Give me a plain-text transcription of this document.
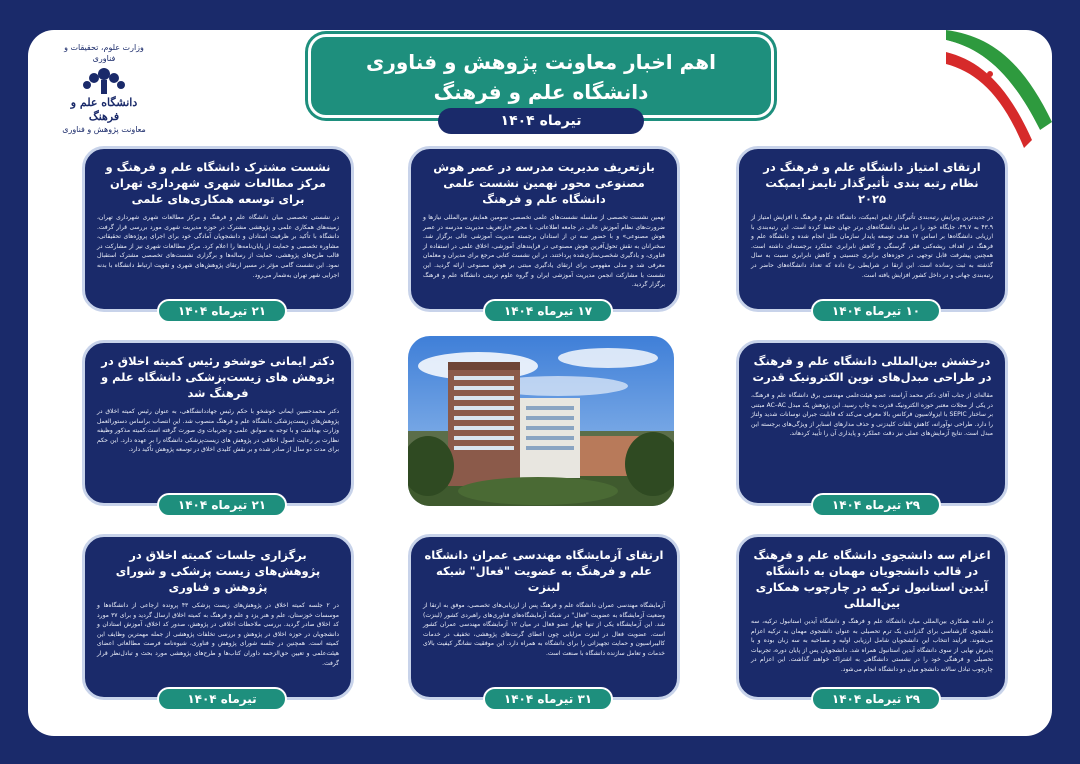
وزارت علوم، تحقیقات و فناوری
دانشگاه علم و فرهنگ
معاونت پژوهش و فناوری
اهم اخبار معاونت پژوهش و فناوری
دانشگاه علم و فرهنگ
تیرماه ۱۴۰۴
ارتقای امتیاز دانشگاه علم و فرهنگ در نظام رتبه بندی تأثیرگذار تایمز ایمپکت ۲۰۲۵
در جدیدترین ویرایش رتبه‌بندی تأثیرگذار تایمز ایمپکت، دانشگاه علم و فرهنگ با افزایش امتیاز از ۴۳.۹ به ۴۹.۷، جایگاه خود را در میان دانشگاه‌های برتر جهان حفظ کرده است. این رتبه‌بندی با ارزیابی دانشگاه‌ها بر اساس ۱۷ هدف توسعه پایدار سازمان ملل انجام شده و دانشگاه علم و فرهنگ در اهداف ریشه‌کنی فقر، گرسنگی و کاهش نابرابری عملکرد برجسته‌ای داشته است. همچنین پیشرفت قابل توجهی در حوزه‌های برابری جنسیتی و کاهش نابرابری نسبت به سال گذشته به ثبت رسانده است. این ارتقا در شرایطی رخ داده که تعداد دانشگاه‌های حاضر در رتبه‌بندی جهانی و در داخل کشور افزایش یافته است.
۱۰ تیرماه ۱۴۰۴
بازتعریف مدیریت مدرسه در عصر هوش مصنوعی محور نهمین نشست علمی دانشگاه علم و فرهنگ
نهمین نشست تخصصی از سلسله نشست‌های علمی تخصصی سومین همایش بین‌المللی نیازها و ضرورت‌های نظام آموزش عالی در جامعه اطلاعاتی، با محور «بازتعریف مدیریت مدرسه در عصر هوش مصنوعی» و با حضور سه تن از استادان برجسته مدیریت آموزشی عالی برگزار شد. سخنرانان به نقش تحول‌آفرین هوش مصنوعی در فرایندهای آموزشی، اخلاق علمی در استفاده از فناوری، و یادگیری شخصی‌سازی‌شده پرداختند. در این نشست کتابی مرجع برای مدیران و معلمان معرفی شد و مدلی مفهومی برای ارتقای یادگیری مبتنی بر هوش مصنوعی ارائه گردید. این نشست با مشارکت انجمن مدیریت آموزشی ایران و گروه علوم تربیتی دانشگاه علم و فرهنگ برگزار گردید.
۱۷ تیرماه ۱۴۰۴
نشست مشترک دانشگاه علم و فرهنگ و مرکز مطالعات شهری شهرداری تهران برای توسعه همکاری‌های علمی
در نشستی تخصصی میان دانشگاه علم و فرهنگ و مرکز مطالعات شهری شهرداری تهران، زمینه‌های همکاری علمی و پژوهشی مشترک در حوزه مدیریت شهری مورد بررسی قرار گرفت. دانشگاه با تأکید بر ظرفیت استادان و دانشجویان آمادگی خود برای اجرای پروژه‌های تحقیقاتی، مشاوره تخصصی و حمایت از پایان‌نامه‌ها را اعلام کرد. مرکز مطالعات شهری نیز از مشارکت در قالب طرح‌های پژوهشی، حمایت از رساله‌ها و برگزاری نشست‌های تخصصی مشترک استقبال نمود. این نشست گامی مؤثر در مسیر ارتقای پژوهش‌های شهری و تقویت ارتباط دانشگاه با بدنه اجرایی شهر تهران به‌شمار می‌رود.
۲۱ تیرماه ۱۴۰۴
درخشش بین‌المللی دانشگاه علم و فرهنگ در طراحی مبدل‌های نوین الکترونیک قدرت
مقاله‌ای از جناب آقای دکتر محمد آراسته، عضو هیئت‌علمی مهندسی برق دانشگاه علم و فرهنگ، در یکی از مجلات معتبر حوزه الکترونیک قدرت به چاپ رسید. این پژوهش یک مبدل AC–AC مبتنی بر ساختار SEPIC با ایزولاسیون فرکانس بالا معرفی می‌کند که قابلیت جبران نوسانات شدید ولتاژ را دارد. طراحی نوآورانه، کاهش تلفات کلیدزنی و حذف مدارهای اسنابر از ویژگی‌های برجسته این مبدل است. نتایج آزمایش‌های عملی نیز دقت عملکرد و پایداری آن را تأیید کردهاند.
۲۹ تیرماه ۱۴۰۴
دکتر ایمانی خوشخو رئیس کمیته اخلاق در پژوهش های زیست‌پزشکی دانشگاه علم و فرهنگ شد
دکتر محمدحسین ایمانی خوشخو با حکم رئیس جهاددانشگاهی، به عنوان رئیس کمیته اخلاق در پژوهش‌های زیست‌پزشکی دانشگاه علم و فرهنگ منصوب شد. این انتصاب براساس دستورالعمل وزارت بهداشت و با توجه به سوابق علمی و تجربیات وی صورت گرفته است.کمیته مذکور وظیفه نظارت بر رعایت اصول اخلاقی در پژوهش های زیست‌پزشکی دانشگاه را بر عهده دارد. این حکم برای مدت دو سال از صادر شده و بر نقش کلیدی اخلاق در توسعه پژوهش تأکید دارد.
۲۱ تیرماه ۱۴۰۴
اعزام سه دانشجوی دانشگاه علم و فرهنگ در قالب دانشجویان مهمان به دانشگاه آیدین استانبول ترکیه در چارچوب همکاری بین‌المللی
در ادامه همکاری بین‌المللی میان دانشگاه علم و فرهنگ و دانشگاه آیدین استانبول ترکیه، سه دانشجوی کارشناسی برای گذراندن یک ترم تحصیلی به عنوان دانشجوی مهمان به ترکیه اعزام می‌شوند. فرایند انتخاب این دانشجویان شامل ارزیابی اولیه و مصاحبه به سه زبان بوده و با پذیرش نهایی از سوی دانشگاه آیدین استانبول همراه شد. دانشجویان پس از پایان دوره، تجربیات تحصیلی و فرهنگی خود را در نشستی دانشگاهی به اشتراک خواهند گذاشت. این اعزام در چارچوب تبادل سالانه دانشجو میان دو دانشگاه انجام می‌شود.
۲۹ تیرماه ۱۴۰۴
ارتقای آزمایشگاه مهندسی عمران دانشگاه علم و فرهنگ به عضویت "فعال" شبکه لبنزت
آزمایشگاه مهندسی عمران دانشگاه علم و فرهنگ پس از ارزیابی‌های تخصصی، موفق به ارتقا از وضعیت آزمایشگاه به عضویت "فعال" در شبکه آزمایشگاه‌های فناوری‌های راهبردی کشور (لبنزت) شد. این آزمایشگاه یکی از تنها چهار عضو فعال در میان ۱۲ آزمایشگاه مهندسی عمران کشور است. عضویت فعال در لبنزت مزایایی چون اعطای گرنت‌های پژوهشی، تخفیف در خدمات کالیبراسیون و حمایت تجهیزاتی را برای دانشگاه به همراه دارد. این موفقیت نشانگر کیفیت بالای خدمات و تعامل سازنده دانشگاه با صنعت است.
۳۱ تیرماه ۱۴۰۴
برگزاری جلسات کمیته اخلاق در پژوهش‌های زیست پزشکی و شورای پژوهش و فناوری
در ۲ جلسه کمیته اخلاق در پژوهش‌های زیست پزشکی ۴۳ پرونده ارجاعی از دانشگاه‌ها و موسسات خوزستان، علم و هنر یزد و علم و فرهنگ به کمیته اخلاق ارسال گردید و برای ۳۷ مورد کد اخلاق صادر گردید. بررسی ملاحظات اخلاقی در پژوهش، صدور کد اخلاق، آموزش استادان و دانشجویان در حوزه اخلاق در پژوهش و بررسی تخلفات پژوهشی از جمله مهمترین وظایف این کمیته است. همچنین در جلسه شورای پژوهش و فناوری، شیوه‌نامه فرصت مطالعاتی اعضای هیئت‌علمی و تعیین حق‌الزحمه داوران کتاب‌ها و طرح‌های پژوهشی مورد بحث و تبادل‌نظر قرار گرفت.
تیرماه ۱۴۰۴
